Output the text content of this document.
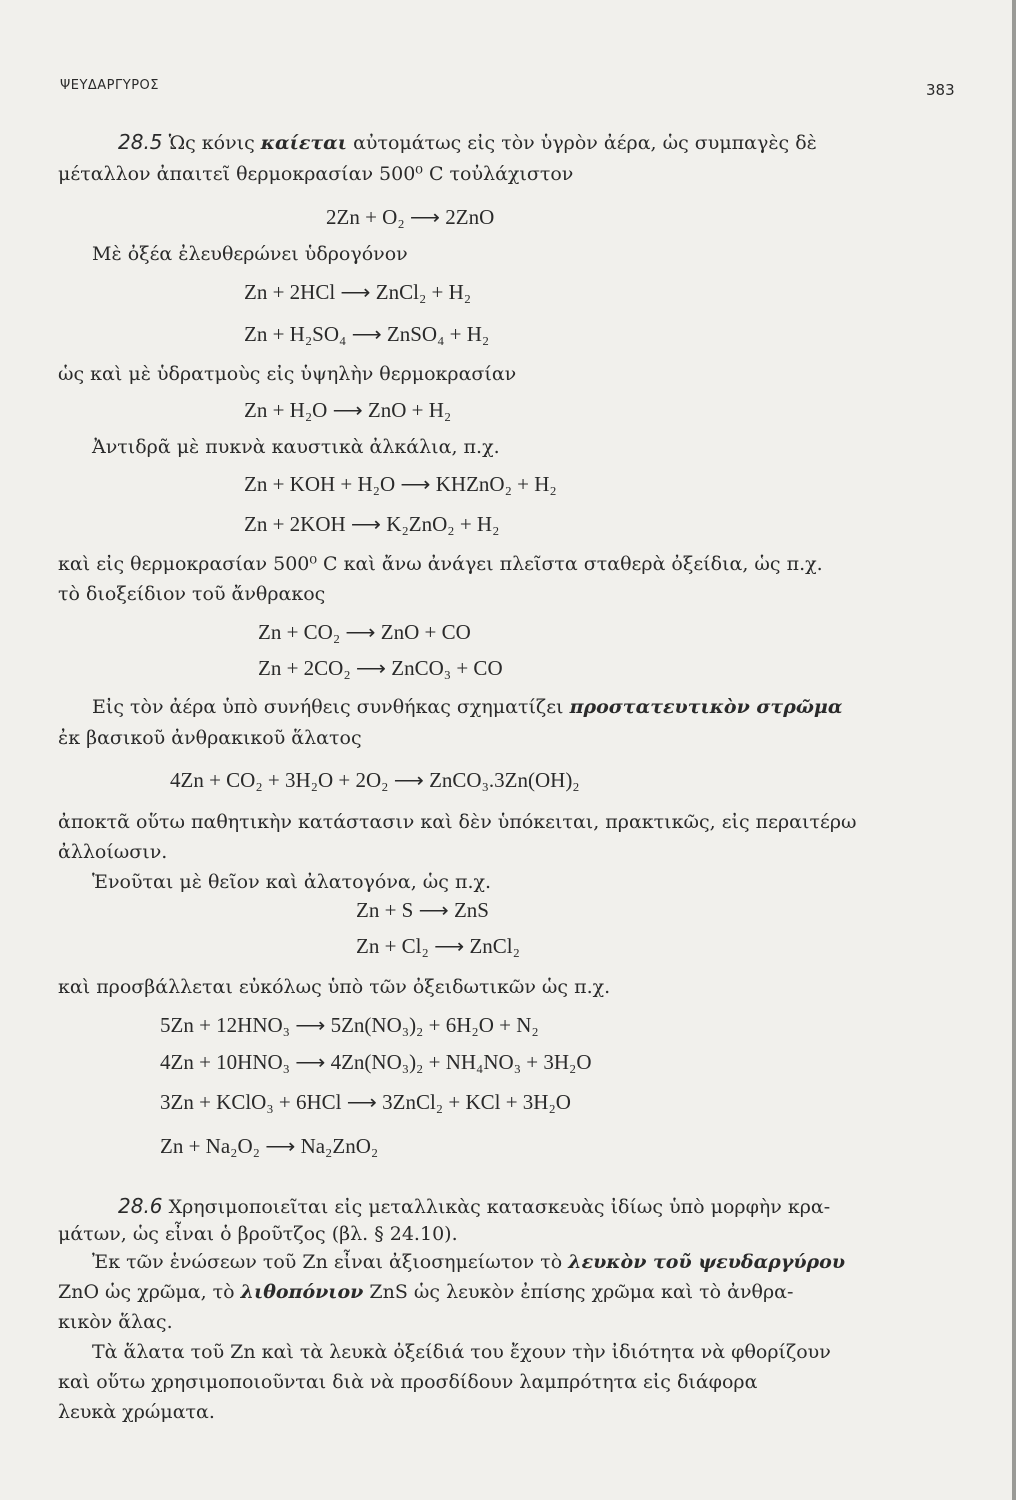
ΨΕΥΔΑΡΓΥΡΟΣ	383
28.5 Ὡς κόνις καίεται αὐτομάτως εἰς τὸν ὑγρὸν ἀέρα, ὡς συμπαγὲς δὲ
μέταλλον ἀπαιτεῖ θερμοκρασίαν 500⁰ C τοὐλάχιστον
2Zn + O₂ ⟶ 2ZnO
Μὲ ὀξέα ἐλευθερώνει ὑδρογόνον
Zn + 2HCl ⟶ ZnCl₂ + H₂
Zn + H₂SO₄ ⟶ ZnSO₄ + H₂
ὡς καὶ μὲ ὑδρατμοὺς εἰς ὑψηλὴν θερμοκρασίαν
Zn + H₂O ⟶ ZnO + H₂
Ἀντιδρᾶ μὲ πυκνὰ καυστικὰ ἀλκάλια, π.χ.
Zn + KOH + H₂O ⟶ KHZnO₂ + H₂
Zn + 2KOH ⟶ K₂ZnO₂ + H₂
καὶ εἰς θερμοκρασίαν 500⁰ C καὶ ἄνω ἀνάγει πλεῖστα σταθερὰ ὀξείδια, ὡς π.χ.
τὸ διοξείδιον τοῦ ἄνθρακος
Zn + CO₂ ⟶ ZnO + CO
Zn + 2CO₂ ⟶ ZnCO₃ + CO
Εἰς τὸν ἀέρα ὑπὸ συνήθεις συνθήκας σχηματίζει προστατευτικὸν στρῶμα
ἐκ βασικοῦ ἀνθρακικοῦ ἅλατος
4Zn + CO₂ + 3H₂O + 2O₂ ⟶ ZnCO₃.3Zn(OH)₂
ἀποκτᾶ οὕτω παθητικὴν κατάστασιν καὶ δὲν ὑπόκειται, πρακτικῶς, εἰς περαιτέρω
ἀλλοίωσιν.
Ἑνοῦται μὲ θεῖον καὶ ἀλατογόνα, ὡς π.χ.
Zn + S ⟶ ZnS
Zn + Cl₂ ⟶ ZnCl₂
καὶ προσβάλλεται εὐκόλως ὑπὸ τῶν ὀξειδωτικῶν ὡς π.χ.
5Zn + 12HNO₃ ⟶ 5Zn(NO₃)₂ + 6H₂O + N₂
4Zn + 10HNO₃ ⟶ 4Zn(NO₃)₂ + NH₄NO₃ + 3H₂O
3Zn + KClO₃ + 6HCl ⟶ 3ZnCl₂ + KCl + 3H₂O
Zn + Na₂O₂ ⟶ Na₂ZnO₂
28.6 Χρησιμοποιεῖται εἰς μεταλλικὰς κατασκευὰς ἰδίως ὑπὸ μορφὴν κρα-
μάτων, ὡς εἶναι ὁ βροῦτζος (βλ. § 24.10).
Ἐκ τῶν ἑνώσεων τοῦ Zn εἶναι ἀξιοσημείωτον τὸ λευκὸν τοῦ ψευδαργύρου
ZnO ὡς χρῶμα, τὸ λιθοπόνιον ZnS ὡς λευκὸν ἐπίσης χρῶμα καὶ τὸ ἀνθρα-
κικὸν ἅλας.
Τὰ ἅλατα τοῦ Zn καὶ τὰ λευκὰ ὀξείδιά του ἔχουν τὴν ἰδιότητα νὰ φθορίζουν
καὶ οὕτω χρησιμοποιοῦνται διὰ νὰ προσδίδουν λαμπρότητα εἰς διάφορα
λευκὰ χρώματα.
